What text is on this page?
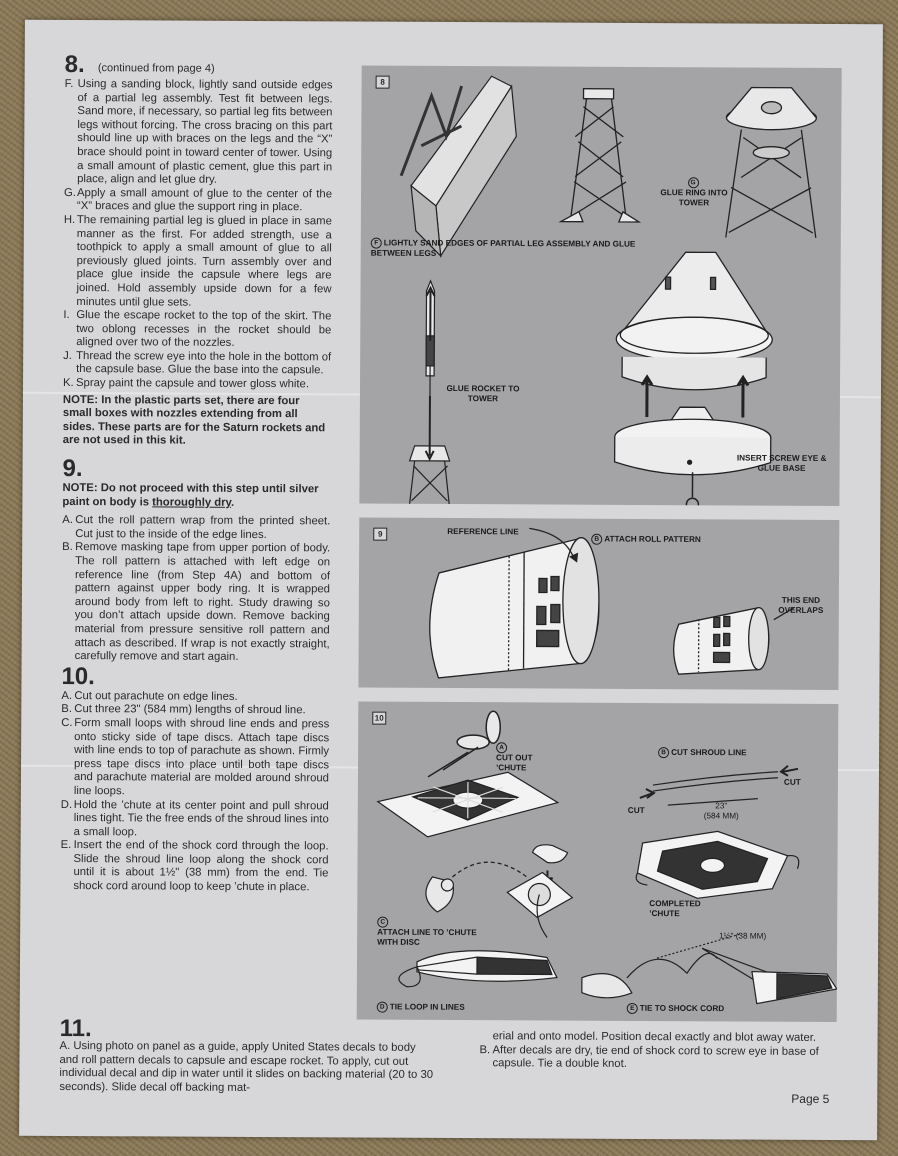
8. (continued from page 4)
F. Using a sanding block, lightly sand outside edges of a partial leg assembly. Test fit between legs. Sand more, if necessary, so partial leg fits between legs without forcing. The cross bracing on this part should line up with braces on the legs and the “X” brace should point in toward center of tower. Using a small amount of plastic cement, glue this part in place, align and let glue dry.
G. Apply a small amount of glue to the center of the “X” braces and glue the support ring in place.
H. The remaining partial leg is glued in place in same manner as the first. For added strength, use a toothpick to apply a small amount of glue to all previously glued joints. Turn assembly over and place glue inside the capsule where legs are joined. Hold assembly upside down for a few minutes until glue sets.
I. Glue the escape rocket to the top of the skirt. The two oblong recesses in the rocket should be aligned over two of the nozzles.
J. Thread the screw eye into the hole in the bottom of the capsule base. Glue the base into the capsule.
K. Spray paint the capsule and tower gloss white.
NOTE: In the plastic parts set, there are four small boxes with nozzles extending from all sides. These parts are for the Saturn rockets and are not used in this kit.
9.
NOTE: Do not proceed with this step until silver paint on body is thoroughly dry.
A. Cut the roll pattern wrap from the printed sheet. Cut just to the inside of the edge lines.
B. Remove masking tape from upper portion of body. The roll pattern is attached with left edge on reference line (from Step 4A) and bottom of pattern against upper body ring. It is wrapped around body from left to right. Study drawing so you don’t attach upside down. Remove backing material from pressure sensitive roll pattern and attach as described. If wrap is not exactly straight, carefully remove and start again.
10.
A. Cut out parachute on edge lines.
B. Cut three 23" (584 mm) lengths of shroud line.
C. Form small loops with shroud line ends and press onto sticky side of tape discs. Attach tape discs with line ends to top of parachute as shown. Firmly press tape discs into place until both tape discs and parachute material are molded around shroud line loops.
D. Hold the ’chute at its center point and pull shroud lines tight. Tie the free ends of the shroud lines into a small loop.
E. Insert the end of the shock cord through the loop. Slide the shroud line loop along the shock cord until it is about 1½" (38 mm) from the end. Tie shock cord around loop to keep ’chute in place.
8
G
GLUE RING INTO TOWER
F LIGHTLY SAND EDGES OF PARTIAL LEG ASSEMBLY AND GLUE BETWEEN LEGS
GLUE ROCKET TO TOWER
INSERT SCREW EYE & GLUE BASE
9	REFERENCE LINE
B ATTACH ROLL PATTERN
THIS END OVERLAPS
10
A
CUT OUT ’CHUTE
B CUT SHROUD LINE
CUT
CUT
23"
(584 MM)
COMPLETED ’CHUTE
C
ATTACH LINE TO ’CHUTE WITH DISC
1½" (38 MM)
D TIE LOOP IN LINES	E TIE TO SHOCK CORD
11.
A. Using photo on panel as a guide, apply United States decals to body and roll pattern decals to capsule and escape rocket. To apply, cut out individual decal and dip in water until it slides on backing material (20 to 30 seconds). Slide decal off backing mat-
erial and onto model. Position decal exactly and blot away water.
B. After decals are dry, tie end of shock cord to screw eye in base of capsule. Tie a double knot.
Page 5
